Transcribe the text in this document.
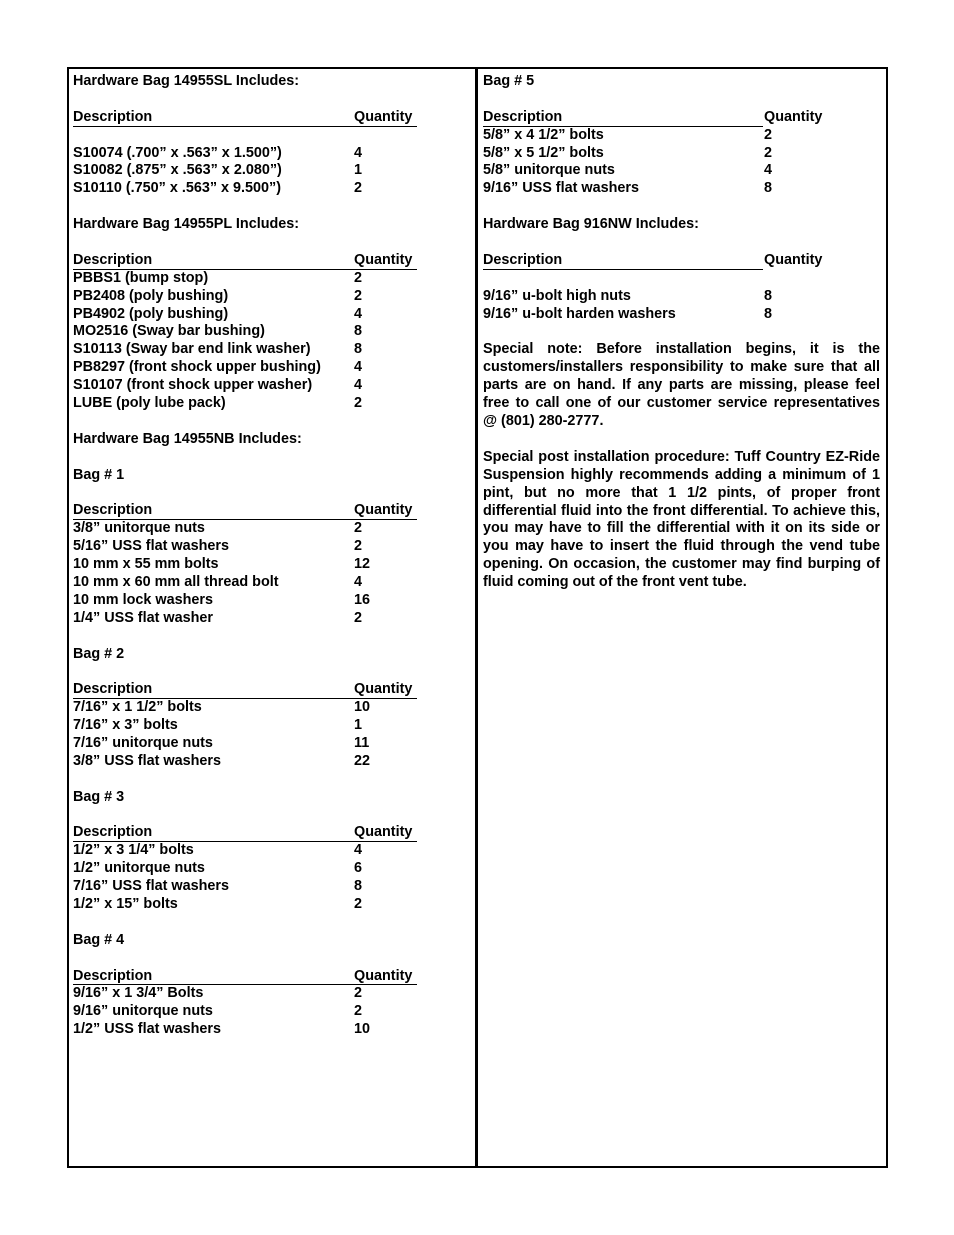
Hardware Bag 14955SL Includes:
Description	Quantity
S10074 (.700” x .563” x 1.500”)	4
S10082 (.875” x .563” x 2.080”)	1
S10110 (.750” x .563” x 9.500”)	2
Hardware Bag 14955PL Includes:
Description	Quantity
PBBS1 (bump stop)	2
PB2408 (poly bushing)	2
PB4902 (poly bushing)	4
MO2516 (Sway bar bushing)	8
S10113 (Sway bar end link washer)	8
PB8297 (front shock upper bushing) 4
S10107 (front shock upper washer)	4
LUBE (poly lube pack)	2
Hardware Bag 14955NB Includes:
Bag # 1
Description	Quantity
3/8” unitorque nuts	2
5/16” USS flat washers	2
10 mm x 55 mm bolts	12
10 mm x 60 mm all thread bolt	4
10 mm lock washers	16
1/4” USS flat washer	2
Bag # 2
Description	Quantity
7/16” x 1 1/2” bolts	10
7/16” x 3” bolts	1
7/16” unitorque nuts	11
3/8” USS flat washers	22
Bag # 3
Description	Quantity
1/2” x 3 1/4” bolts	4
1/2” unitorque nuts	6
7/16” USS flat washers	8
1/2” x 15” bolts	2
Bag # 4
Description	Quantity
9/16” x 1 3/4” Bolts	2
9/16” unitorque nuts	2
1/2” USS flat washers	10
Bag # 5
Description	Quantity
5/8” x 4 1/2” bolts	2
5/8” x 5 1/2” bolts	2
5/8” unitorque nuts	4
9/16” USS flat washers	8
Hardware Bag 916NW Includes:
Description	Quantity
9/16” u-bolt high nuts	8
9/16” u-bolt harden washers	8
Special note: Before installation begins, it is the customers/installers responsibility to make sure that all parts are on hand. If any parts are missing, please feel free to call one of our customer service representatives @ (801) 280-2777.
Special post installation procedure: Tuff Country EZ-Ride Suspension highly recommends adding a minimum of 1 pint, but no more that 1 1/2 pints, of proper front differential fluid into the front differential. To achieve this, you may have to fill the differential with it on its side or you may have to insert the fluid through the vend tube opening. On occasion, the customer may find burping of fluid coming out of the front vent tube.
